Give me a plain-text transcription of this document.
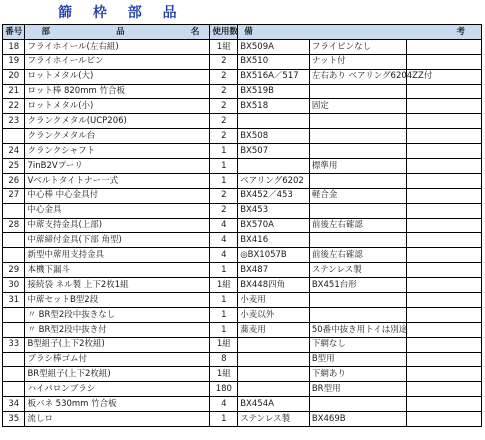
篩 枠 部 品
番号	部 品 名	使用数	備 考		

18	フライホイール(左右組)	1組	BX509A	フライピンなし	
19	フライホイールピン	2	BX510	ナット付	
20	ロットメタル(大)	2	BX516A／517	左右あり ベアリング6204ZZ付	
21	ロット棒 820mm 竹合板	2	BX519B		
22	ロットメタル(小)	2	BX518	固定	
23	クランクメタル(UCP206)	2			
	クランクメタル台	2	BX508		
24	クランクシャフト	1	BX507		
25	7inB2Vプーリ	1		標準用	
26	Vベルトタイトナー一式	1	ベアリング6202		
27	中心棒 中心金具付	2	BX452／453	軽合金	
	中心金具	2	BX453		
28	中蓆支持金具(上部)	4	BX570A	前後左右確認	
	中蓆締付金具(下部 角型)	4	BX416		
	新型中蓆用支持金具	4	◎BX1057B	前後左右確認	
29	本機下漏斗	1	BX487	ステンレス製	
30	接続袋 ネル製 上下2枚1組	1組	BX448四角	BX451台形	
31	中蓆セットB型2段	1	小麦用		
	〃 BR型2段中抜きなし	1	小麦以外		
	〃 BR型2段中抜き付	1	蕎麦用	50番中抜き用トイは別途	
33	B型組子(上下2枚組)	1組		下網なし	
	ブラシ棒ゴム付	8		B型用	
	BR型組子(上下2枚組)	1組		下網あり	
	ハイパロンブラシ	180		BR型用	
34	板バネ 530mm 竹合板	4	BX454A		
35	流しロ	1	ステンレス製	BX469B	
